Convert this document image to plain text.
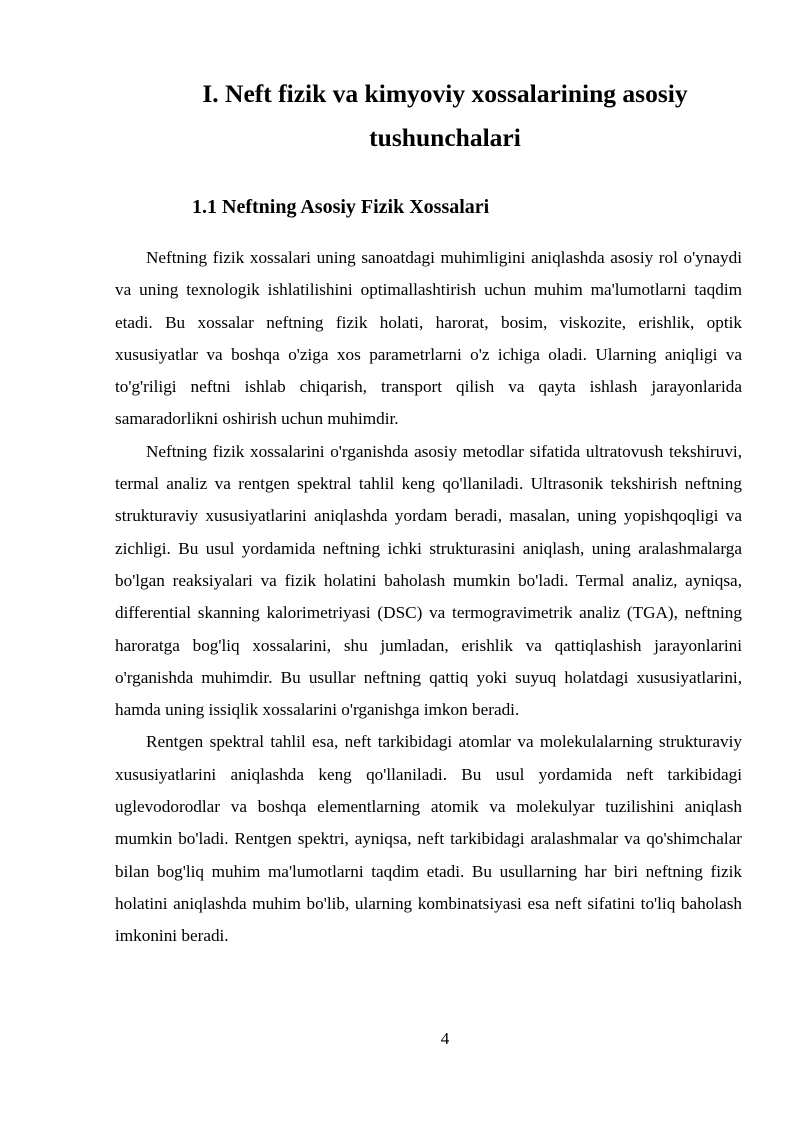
I. Neft fizik va kimyoviy xossalarining asosiy tushunchalari
1.1 Neftning Asosiy Fizik Xossalari

Neftning fizik xossalari uning sanoatdagi muhimligini aniqlashda asosiy rol o'ynaydi va uning texnologik ishlatilishini optimallashtirish uchun muhim ma'lumotlarni taqdim etadi. Bu xossalar neftning fizik holati, harorat, bosim, viskozite, erishlik, optik xususiyatlar va boshqa o'ziga xos parametrlarni o'z ichiga oladi. Ularning aniqligi va to'g'riligi neftni ishlab chiqarish, transport qilish va qayta ishlash jarayonlarida samaradorlikni oshirish uchun muhimdir.

Neftning fizik xossalarini o'rganishda asosiy metodlar sifatida ultratovush tekshiruvi, termal analiz va rentgen spektral tahlil keng qo'llaniladi. Ultrasonik tekshirish neftning strukturaviy xususiyatlarini aniqlashda yordam beradi, masalan, uning yopishqoqligi va zichligi. Bu usul yordamida neftning ichki strukturasini aniqlash, uning aralashmalarga bo'lgan reaksiyalari va fizik holatini baholash mumkin bo'ladi. Termal analiz, ayniqsa, differential skanning kalorimetriyasi (DSC) va termogravimetrik analiz (TGA), neftning haroratga bog'liq xossalarini, shu jumladan, erishlik va qattiqlashish jarayonlarini o'rganishda muhimdir. Bu usullar neftning qattiq yoki suyuq holatdagi xususiyatlarini, hamda uning issiqlik xossalarini o'rganishga imkon beradi.

Rentgen spektral tahlil esa, neft tarkibidagi atomlar va molekulalarning strukturaviy xususiyatlarini aniqlashda keng qo'llaniladi. Bu usul yordamida neft tarkibidagi uglevodorodlar va boshqa elementlarning atomik va molekulyar tuzilishini aniqlash mumkin bo'ladi. Rentgen spektri, ayniqsa, neft tarkibidagi aralashmalar va qo'shimchalar bilan bog'liq muhim ma'lumotlarni taqdim etadi. Bu usullarning har biri neftning fizik holatini aniqlashda muhim bo'lib, ularning kombinatsiyasi esa neft sifatini to'liq baholash imkonini beradi.

4
